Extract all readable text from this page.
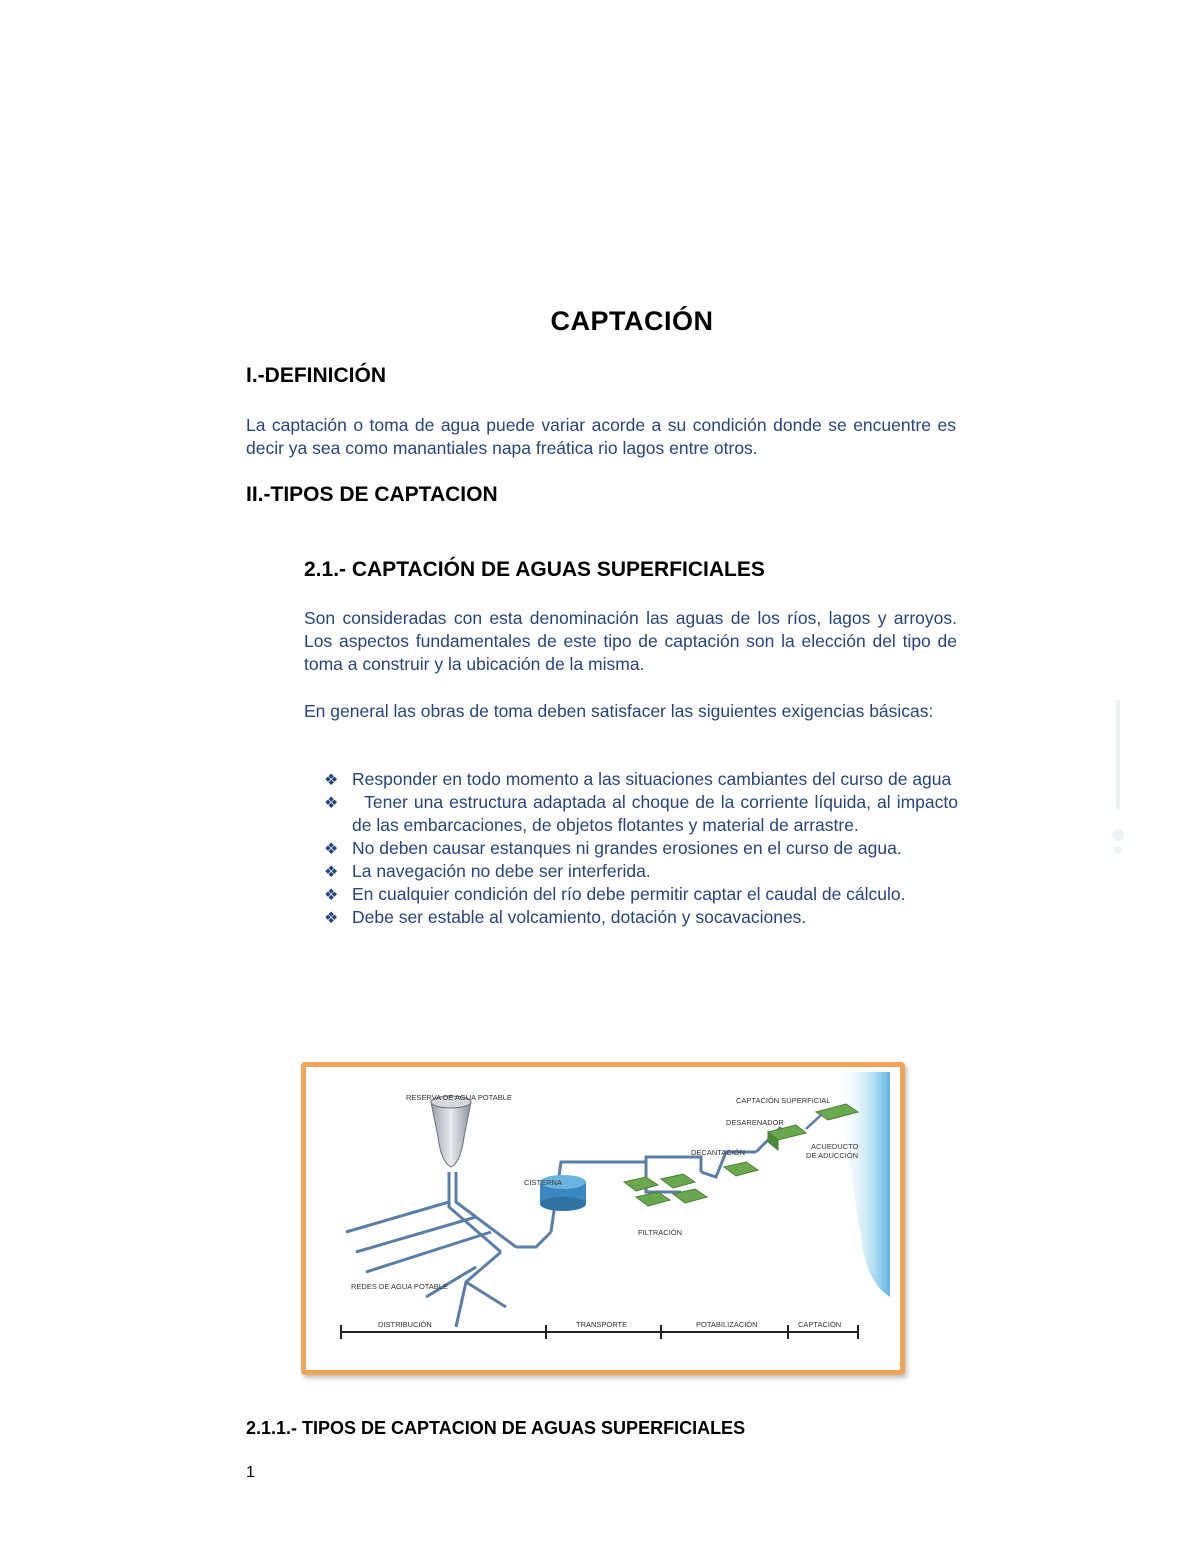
CAPTACIÓN
I.-DEFINICIÓN
La captación o toma de agua puede variar acorde a su condición donde se encuentre es decir ya sea como manantiales napa freática rio lagos entre otros.
II.-TIPOS DE CAPTACION
2.1.- CAPTACIÓN DE AGUAS SUPERFICIALES
Son consideradas con esta denominación las aguas de los ríos, lagos y arroyos. Los aspectos fundamentales de este tipo de captación son la elección del tipo de toma a construir y la ubicación de la misma.
En general las obras de toma deben satisfacer las siguientes exigencias básicas:
❖ Responder en todo momento a las situaciones cambiantes del curso de agua
❖ Tener una estructura adaptada al choque de la corriente líquida, al impacto de las embarcaciones, de objetos flotantes y material de arrastre.
❖ No deben causar estanques ni grandes erosiones en el curso de agua.
❖ La navegación no debe ser interferida.
❖ En cualquier condición del río debe permitir captar el caudal de cálculo.
❖ Debe ser estable al volcamiento, dotación y socavaciones.
RESERVA DE AGUA POTABLE
REDES DE AGUA POTABLE
CISTERNA
FILTRACIÓN
DECANTACIÓN
DESARENADOR
CAPTACIÓN SUPERFICIAL
ACUEDUCTO
DE ADUCCIÓN
DISTRIBUCIÓN	TRANSPORTE	POTABILIZACIÓN	CAPTACIÓN
2.1.1.- TIPOS DE CAPTACION DE AGUAS SUPERFICIALES
1
